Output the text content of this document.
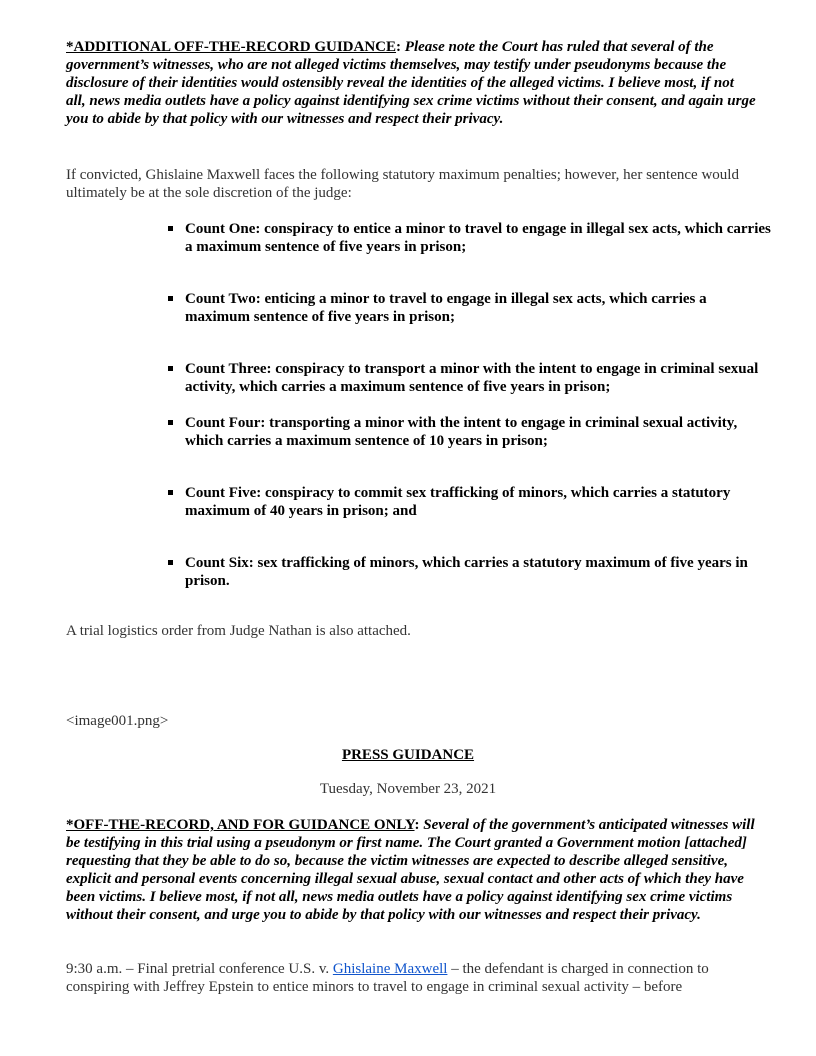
*ADDITIONAL OFF-THE-RECORD GUIDANCE: Please note the Court has ruled that several of the government’s witnesses, who are not alleged victims themselves, may testify under pseudonyms because the disclosure of their identities would ostensibly reveal the identities of the alleged victims. I believe most, if not all, news media outlets have a policy against identifying sex crime victims without their consent, and again urge you to abide by that policy with our witnesses and respect their privacy.
If convicted, Ghislaine Maxwell faces the following statutory maximum penalties; however, her sentence would ultimately be at the sole discretion of the judge:
Count One: conspiracy to entice a minor to travel to engage in illegal sex acts, which carries a maximum sentence of five years in prison;
Count Two: enticing a minor to travel to engage in illegal sex acts, which carries a maximum sentence of five years in prison;
Count Three: conspiracy to transport a minor with the intent to engage in criminal sexual activity, which carries a maximum sentence of five years in prison;
Count Four: transporting a minor with the intent to engage in criminal sexual activity, which carries a maximum sentence of 10 years in prison;
Count Five: conspiracy to commit sex trafficking of minors, which carries a statutory maximum of 40 years in prison; and
Count Six: sex trafficking of minors, which carries a statutory maximum of five years in prison.
A trial logistics order from Judge Nathan is also attached.
<image001.png>
PRESS GUIDANCE
Tuesday, November 23, 2021
*OFF-THE-RECORD, AND FOR GUIDANCE ONLY: Several of the government’s anticipated witnesses will be testifying in this trial using a pseudonym or first name. The Court granted a Government motion [attached] requesting that they be able to do so, because the victim witnesses are expected to describe alleged sensitive, explicit and personal events concerning illegal sexual abuse, sexual contact and other acts of which they have been victims. I believe most, if not all, news media outlets have a policy against identifying sex crime victims without their consent, and urge you to abide by that policy with our witnesses and respect their privacy.
9:30 a.m. – Final pretrial conference U.S. v. Ghislaine Maxwell – the defendant is charged in connection to conspiring with Jeffrey Epstein to entice minors to travel to engage in criminal sexual activity – before
